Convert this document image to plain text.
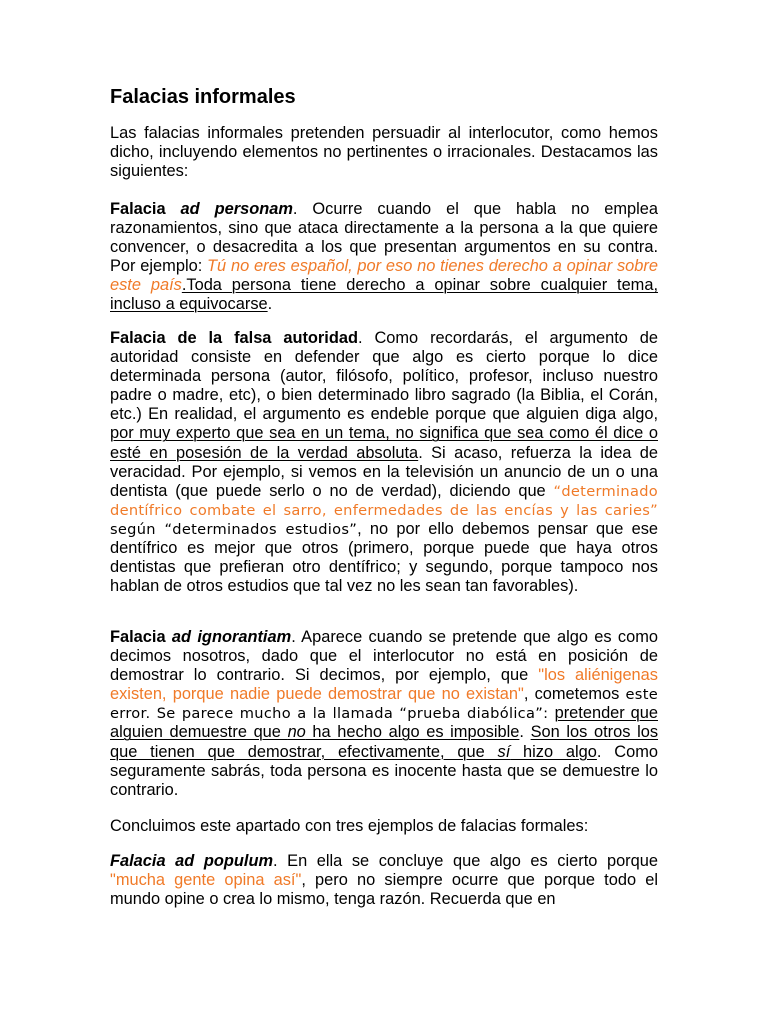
Falacias informales

Las falacias informales pretenden persuadir al interlocutor, como hemos dicho, incluyendo elementos no pertinentes o irracionales. Destacamos las siguientes:

Falacia ad personam. Ocurre cuando el que habla no emplea razonamientos, sino que ataca directamente a la persona a la que quiere convencer, o desacredita a los que presentan argumentos en su contra. Por ejemplo: Tú no eres español, por eso no tienes derecho a opinar sobre este país.Toda persona tiene derecho a opinar sobre cualquier tema, incluso a equivocarse.

Falacia de la falsa autoridad. Como recordarás, el argumento de autoridad consiste en defender que algo es cierto porque lo dice determinada persona (autor, filósofo, político, profesor, incluso nuestro padre o madre, etc), o bien determinado libro sagrado (la Biblia, el Corán, etc.) En realidad, el argumento es endeble porque que alguien diga algo, por muy experto que sea en un tema, no significa que sea como él dice o esté en posesión de la verdad absoluta. Si acaso, refuerza la idea de veracidad. Por ejemplo, si vemos en la televisión un anuncio de un o una dentista (que puede serlo o no de verdad), diciendo que “determinado dentífrico combate el sarro, enfermedades de las encías y las caries” según “determinados estudios”, no por ello debemos pensar que ese dentífrico es mejor que otros (primero, porque puede que haya otros dentistas que prefieran otro dentífrico; y segundo, porque tampoco nos hablan de otros estudios que tal vez no les sean tan favorables).

Falacia ad ignorantiam. Aparece cuando se pretende que algo es como decimos nosotros, dado que el interlocutor no está en posición de demostrar lo contrario. Si decimos, por ejemplo, que "los aliénigenas existen, porque nadie puede demostrar que no existan", cometemos este error. Se parece mucho a la llamada “prueba diabólica”: pretender que alguien demuestre que no ha hecho algo es imposible. Son los otros los que tienen que demostrar, efectivamente, que sí hizo algo. Como seguramente sabrás, toda persona es inocente hasta que se demuestre lo contrario.

Concluimos este apartado con tres ejemplos de falacias formales:

Falacia ad populum. En ella se concluye que algo es cierto porque "mucha gente opina así", pero no siempre ocurre que porque todo el mundo opine o crea lo mismo, tenga razón. Recuerda que en
